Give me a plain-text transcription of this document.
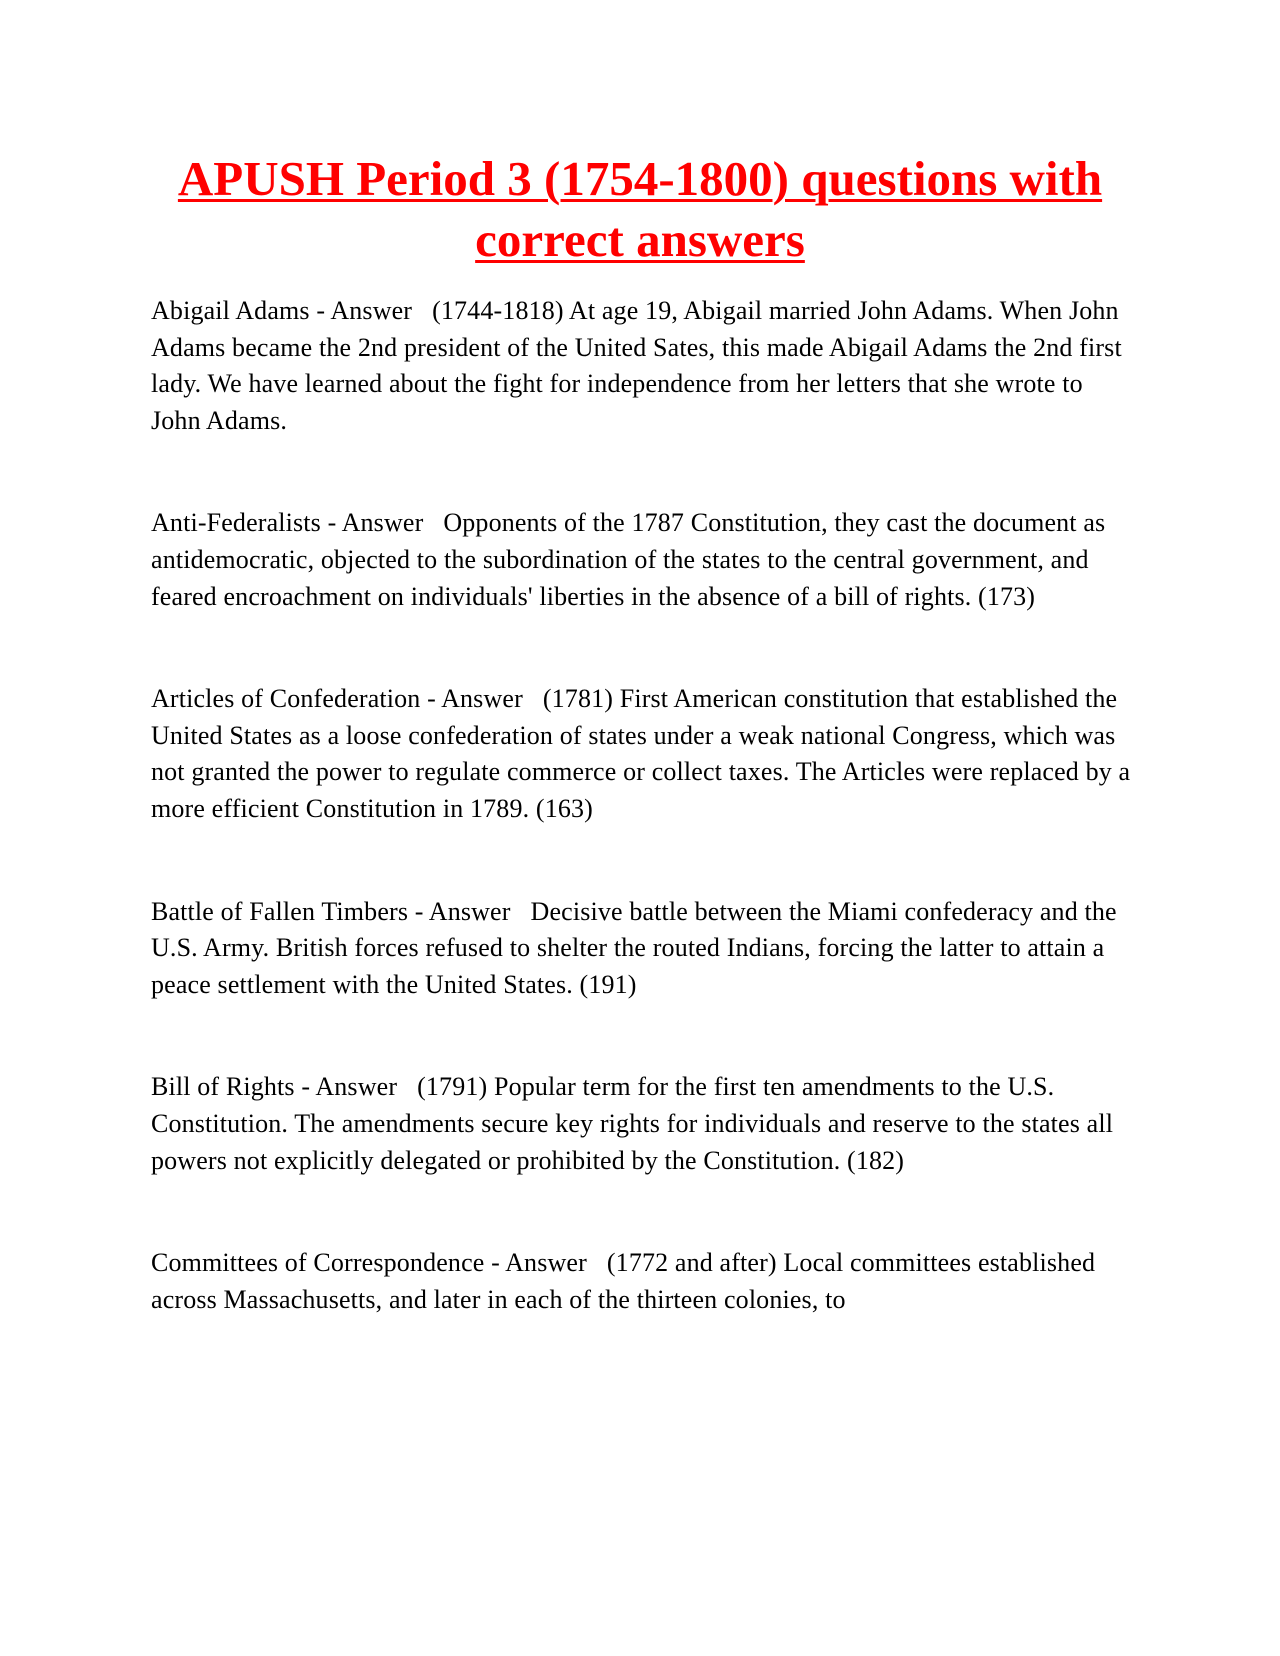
APUSH Period 3 (1754-1800) questions with correct answers

Abigail Adams - Answer   (1744-1818) At age 19, Abigail married John Adams. When John Adams became the 2nd president of the United Sates, this made Abigail Adams the 2nd first lady. We have learned about the fight for independence from her letters that she wrote to John Adams.

Anti-Federalists - Answer   Opponents of the 1787 Constitution, they cast the document as antidemocratic, objected to the subordination of the states to the central government, and feared encroachment on individuals' liberties in the absence of a bill of rights. (173)

Articles of Confederation - Answer   (1781) First American constitution that established the United States as a loose confederation of states under a weak national Congress, which was not granted the power to regulate commerce or collect taxes. The Articles were replaced by a more efficient Constitution in 1789. (163)

Battle of Fallen Timbers - Answer   Decisive battle between the Miami confederacy and the U.S. Army. British forces refused to shelter the routed Indians, forcing the latter to attain a peace settlement with the United States. (191)

Bill of Rights - Answer   (1791) Popular term for the first ten amendments to the U.S. Constitution. The amendments secure key rights for individuals and reserve to the states all powers not explicitly delegated or prohibited by the Constitution. (182)

Committees of Correspondence - Answer   (1772 and after) Local committees established across Massachusetts, and later in each of the thirteen colonies, to
